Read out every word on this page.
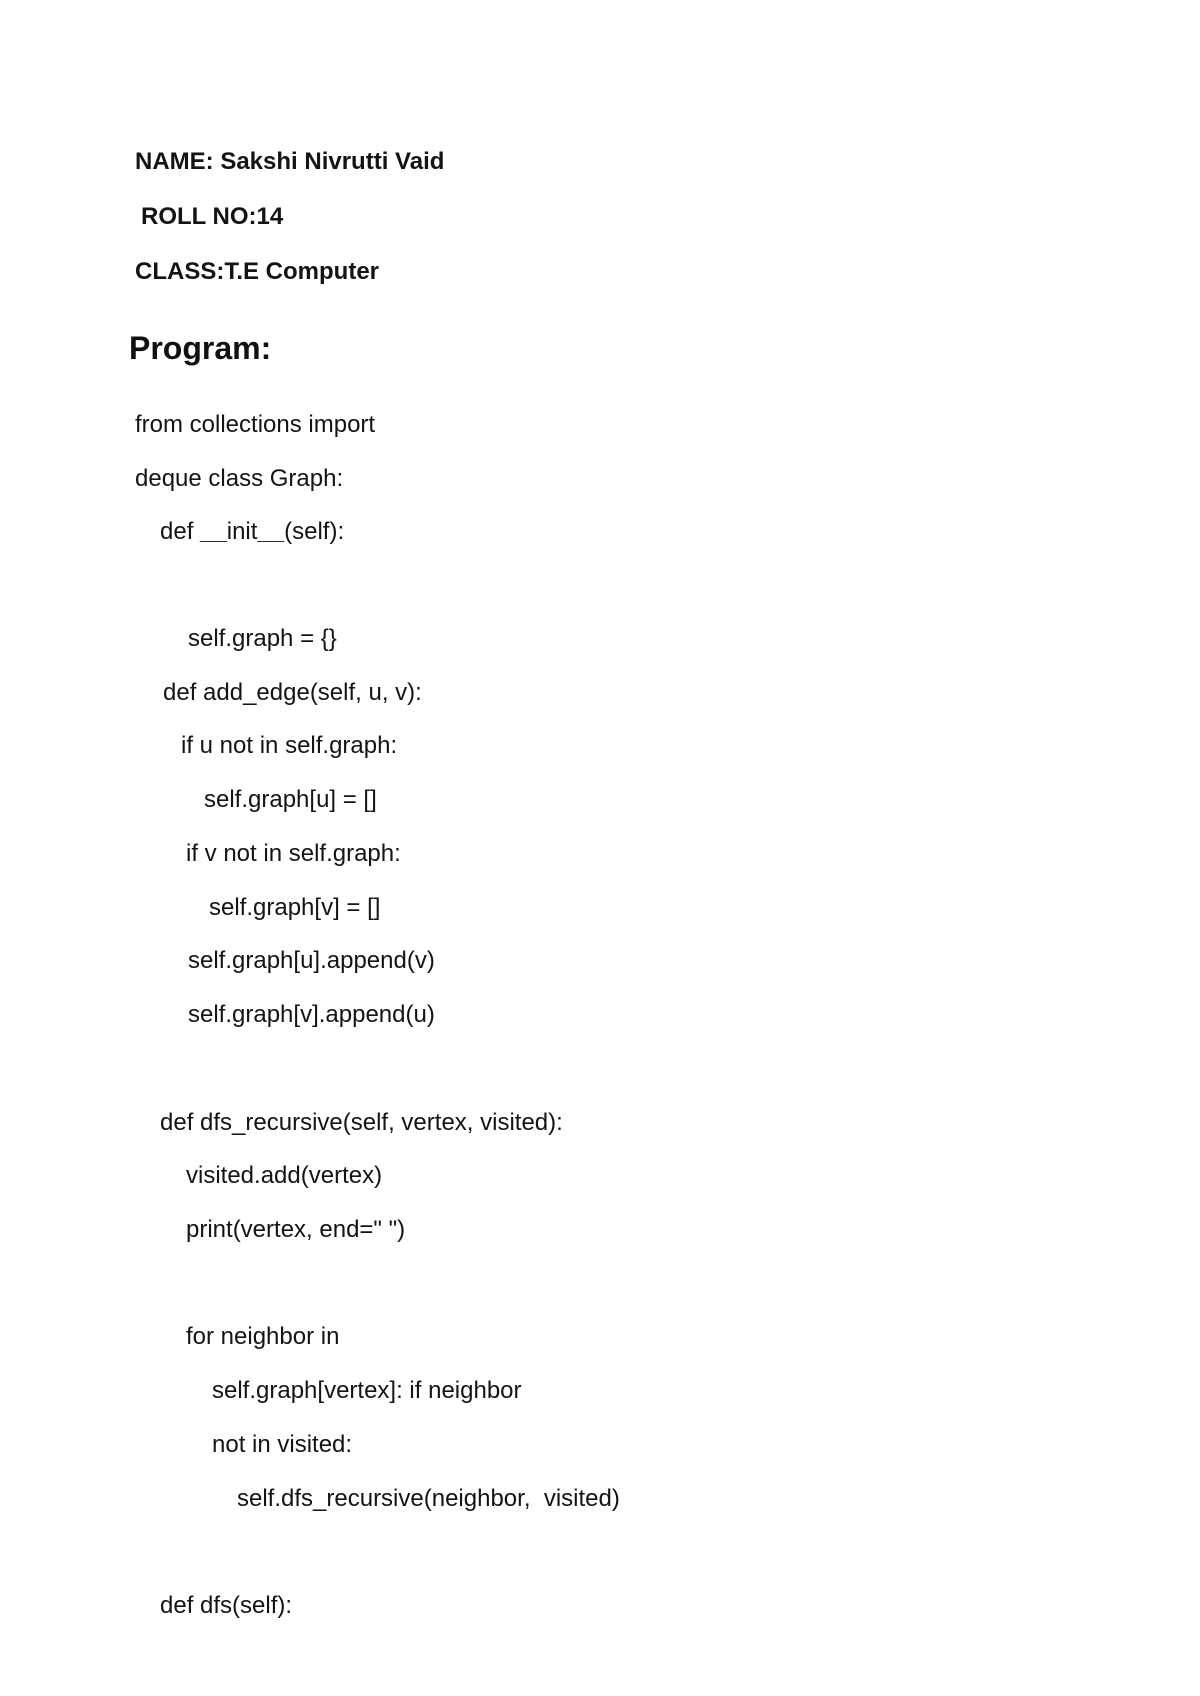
NAME: Sakshi Nivrutti Vaid
ROLL NO:14
CLASS:T.E Computer
Program:
from collections import
deque class Graph:
def __init__(self):
self.graph = {}
def add_edge(self, u, v):
if u not in self.graph:
self.graph[u] = []
if v not in self.graph:
self.graph[v] = []
self.graph[u].append(v)
self.graph[v].append(u)
def dfs_recursive(self, vertex, visited):
visited.add(vertex)
print(vertex, end=" ")
for neighbor in
self.graph[vertex]: if neighbor
not in visited:
self.dfs_recursive(neighbor,  visited)
def dfs(self):
